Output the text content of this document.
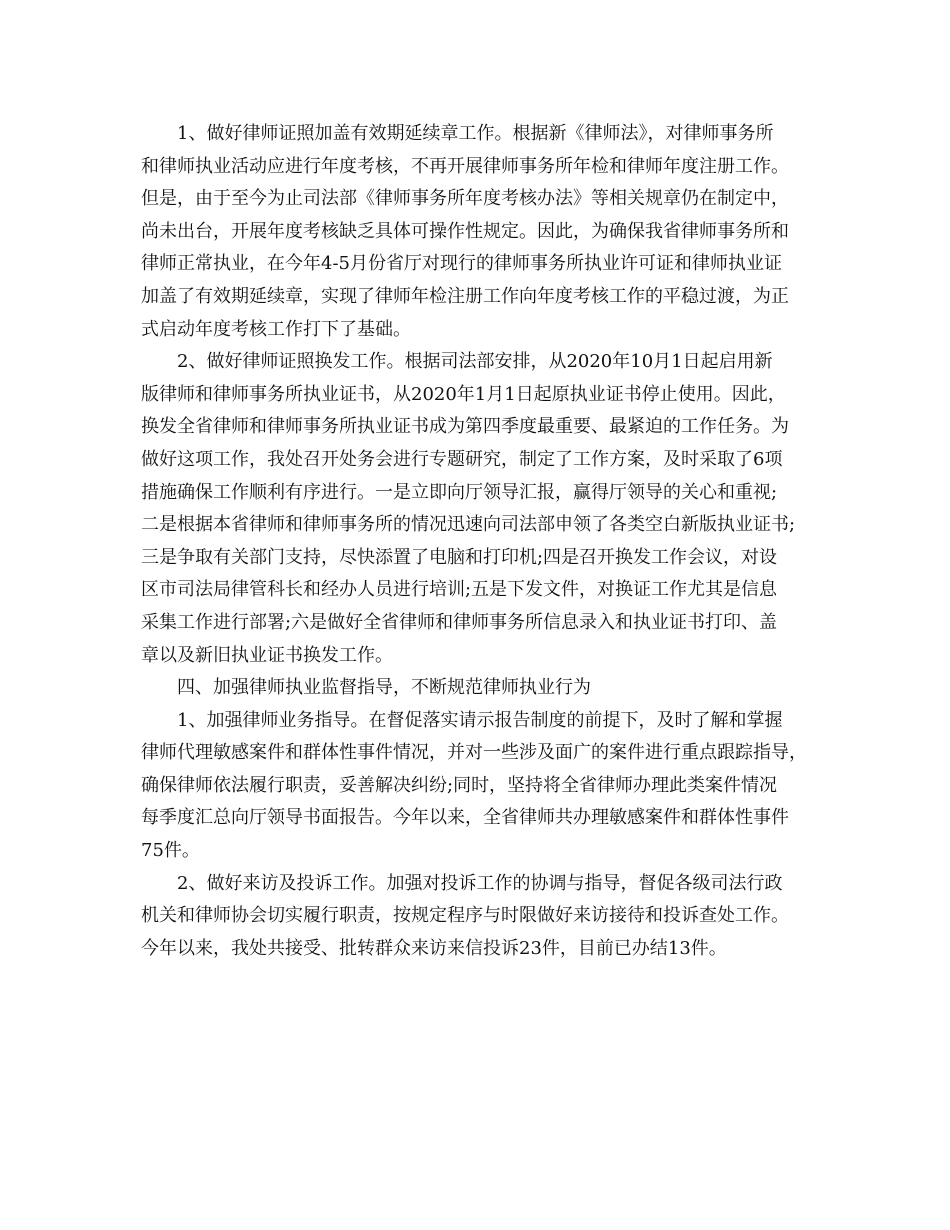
1、做好律师证照加盖有效期延续章工作。根据新《律师法》，对律师事务所
和律师执业活动应进行年度考核，不再开展律师事务所年检和律师年度注册工作。
但是，由于至今为止司法部《律师事务所年度考核办法》等相关规章仍在制定中，
尚未出台，开展年度考核缺乏具体可操作性规定。因此，为确保我省律师事务所和
律师正常执业，在今年4-5月份省厅对现行的律师事务所执业许可证和律师执业证
加盖了有效期延续章，实现了律师年检注册工作向年度考核工作的平稳过渡，为正
式启动年度考核工作打下了基础。
2、做好律师证照换发工作。根据司法部安排，从2020年10月1日起启用新
版律师和律师事务所执业证书，从2020年1月1日起原执业证书停止使用。因此，
换发全省律师和律师事务所执业证书成为第四季度最重要、最紧迫的工作任务。为
做好这项工作，我处召开处务会进行专题研究，制定了工作方案，及时采取了6项
措施确保工作顺利有序进行。一是立即向厅领导汇报，赢得厅领导的关心和重视;
二是根据本省律师和律师事务所的情况迅速向司法部申领了各类空白新版执业证书;
三是争取有关部门支持，尽快添置了电脑和打印机;四是召开换发工作会议，对设
区市司法局律管科长和经办人员进行培训;五是下发文件，对换证工作尤其是信息
采集工作进行部署;六是做好全省律师和律师事务所信息录入和执业证书打印、盖
章以及新旧执业证书换发工作。
四、加强律师执业监督指导，不断规范律师执业行为
1、加强律师业务指导。在督促落实请示报告制度的前提下，及时了解和掌握
律师代理敏感案件和群体性事件情况，并对一些涉及面广的案件进行重点跟踪指导，
确保律师依法履行职责，妥善解决纠纷;同时，坚持将全省律师办理此类案件情况
每季度汇总向厅领导书面报告。今年以来，全省律师共办理敏感案件和群体性事件
75件。
2、做好来访及投诉工作。加强对投诉工作的协调与指导，督促各级司法行政
机关和律师协会切实履行职责，按规定程序与时限做好来访接待和投诉查处工作。
今年以来，我处共接受、批转群众来访来信投诉23件，目前已办结13件。
